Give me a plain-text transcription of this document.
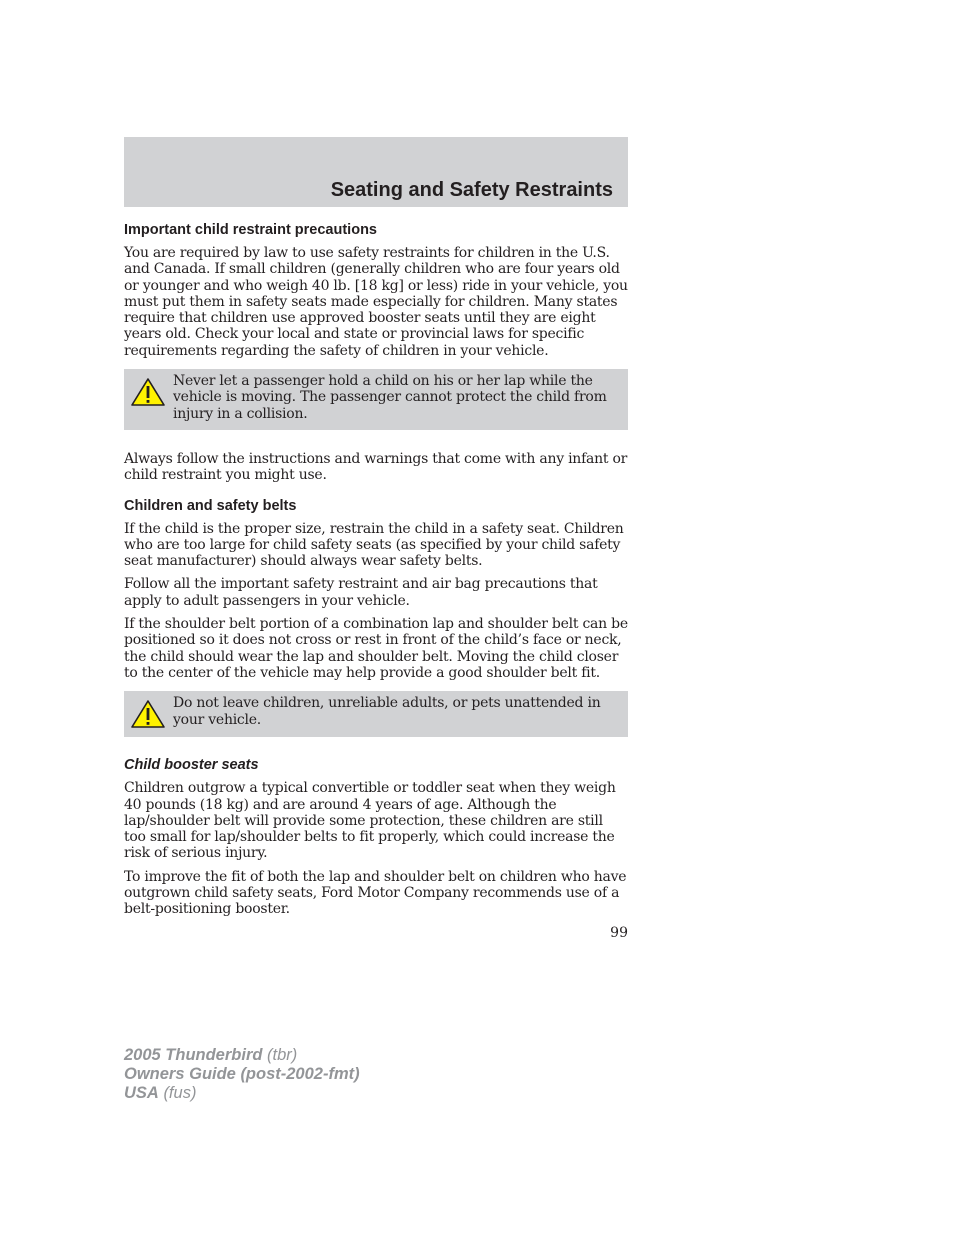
Seating and Safety Restraints
Important child restraint precautions

You are required by law to use safety restraints for children in the U.S. and Canada. If small children (generally children who are four years old or younger and who weigh 40 lb. [18 kg] or less) ride in your vehicle, you must put them in safety seats made especially for children. Many states require that children use approved booster seats until they are eight years old. Check your local and state or provincial laws for specific requirements regarding the safety of children in your vehicle.

Never let a passenger hold a child on his or her lap while the vehicle is moving. The passenger cannot protect the child from injury in a collision.

Always follow the instructions and warnings that come with any infant or child restraint you might use.

Children and safety belts

If the child is the proper size, restrain the child in a safety seat. Children who are too large for child safety seats (as specified by your child safety seat manufacturer) should always wear safety belts.

Follow all the important safety restraint and air bag precautions that apply to adult passengers in your vehicle.

If the shoulder belt portion of a combination lap and shoulder belt can be positioned so it does not cross or rest in front of the child’s face or neck, the child should wear the lap and shoulder belt. Moving the child closer to the center of the vehicle may help provide a good shoulder belt fit.

Do not leave children, unreliable adults, or pets unattended in your vehicle.

Child booster seats

Children outgrow a typical convertible or toddler seat when they weigh 40 pounds (18 kg) and are around 4 years of age. Although the lap/shoulder belt will provide some protection, these children are still too small for lap/shoulder belts to fit properly, which could increase the risk of serious injury.

To improve the fit of both the lap and shoulder belt on children who have outgrown child safety seats, Ford Motor Company recommends use of a belt-positioning booster.

99
2005 Thunderbird (tbr)
Owners Guide (post-2002-fmt)
USA (fus)
